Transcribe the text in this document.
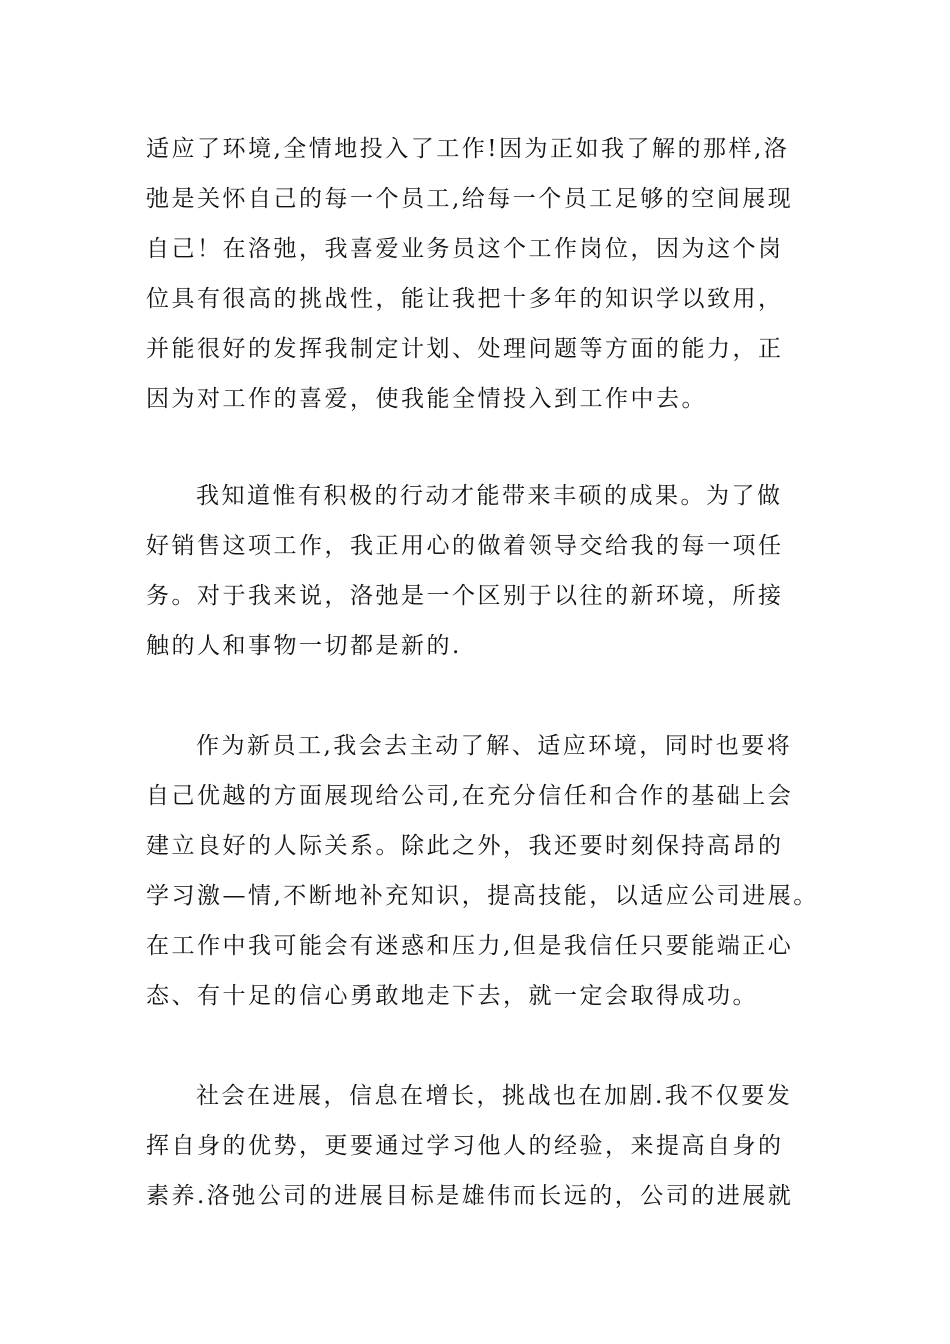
适应了环境,全情地投入了工作!因为正如我了解的那样,洛

弛是关怀自己的每一个员工,给每一个员工足够的空间展现

自己！在洛弛，我喜爱业务员这个工作岗位，因为这个岗

位具有很高的挑战性，能让我把十多年的知识学以致用，

并能很好的发挥我制定计划、处理问题等方面的能力，正

因为对工作的喜爱，使我能全情投入到工作中去。

我知道惟有积极的行动才能带来丰硕的成果。为了做

好销售这项工作，我正用心的做着领导交给我的每一项任

务。对于我来说，洛弛是一个区别于以往的新环境，所接

触的人和事物一切都是新的.

作为新员工,我会去主动了解、适应环境，同时也要将

自己优越的方面展现给公司,在充分信任和合作的基础上会

建立良好的人际关系。除此之外，我还要时刻保持高昂的

学习激—情,不断地补充知识，提高技能，以适应公司进展。

在工作中我可能会有迷惑和压力,但是我信任只要能端正心

态、有十足的信心勇敢地走下去，就一定会取得成功。

社会在进展，信息在增长，挑战也在加剧.我不仅要发

挥自身的优势，更要通过学习他人的经验，来提高自身的

素养.洛弛公司的进展目标是雄伟而长远的，公司的进展就
